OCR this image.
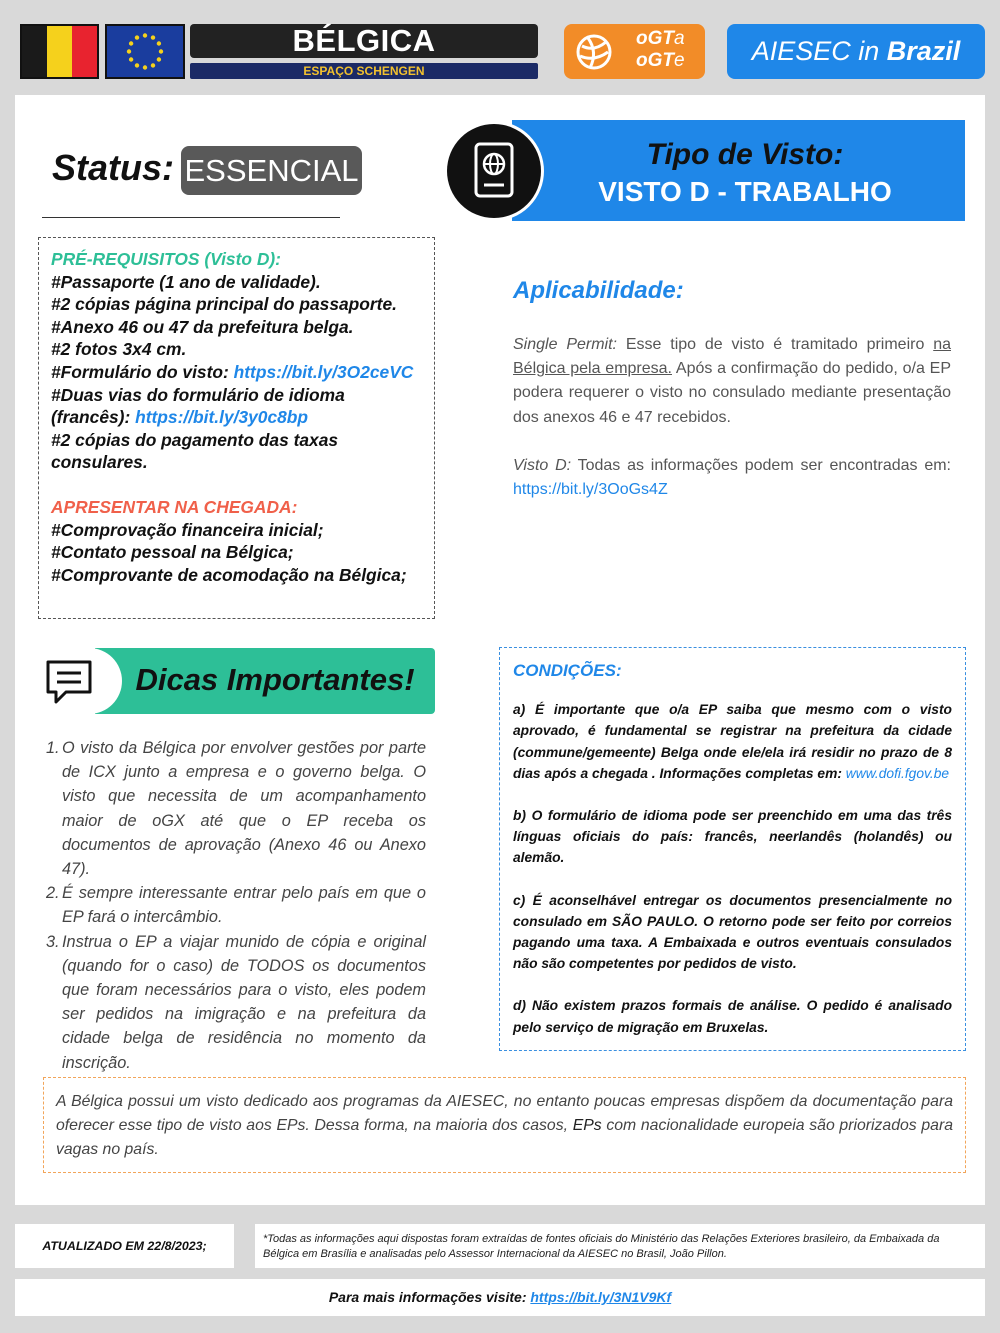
BÉLGICA
ESPAÇO SCHENGEN
oGTa
oGTe	AIESEC in Brazil
Status: ESSENCIAL	Tipo de Visto:
VISTO D - TRABALHO
PRÉ-REQUISITOS (Visto D):
#Passaporte (1 ano de validade).
#2 cópias página principal do passaporte.
#Anexo 46 ou 47 da prefeitura belga.
#2 fotos 3x4 cm.
#Formulário do visto: https://bit.ly/3O2ceVC
#Duas vias do formulário de idioma (francês): https://bit.ly/3y0c8bp
#2 cópias do pagamento das taxas consulares.
APRESENTAR NA CHEGADA:
#Comprovação financeira inicial;
#Contato pessoal na Bélgica;
#Comprovante de acomodação na Bélgica;
Aplicabilidade:

Single Permit: Esse tipo de visto é tramitado primeiro na Bélgica pela empresa. Após a confirmação do pedido, o/a EP podera requerer o visto no consulado mediante presentação dos anexos 46 e 47 recebidos.

Visto D: Todas as informações podem ser encontradas em: https://bit.ly/3OoGs4Z

Dicas Importantes!
1. O visto da Bélgica por envolver gestões por parte de ICX junto a empresa e o governo belga. O visto que necessita de um acompanhamento maior de oGX até que o EP receba os documentos de aprovação (Anexo 46 ou Anexo 47).
2. É sempre interessante entrar pelo país em que o EP fará o intercâmbio.
3. Instrua o EP a viajar munido de cópia e original (quando for o caso) de TODOS os documentos que foram necessários para o visto, eles podem ser pedidos na imigração e na prefeitura da cidade belga de residência no momento da inscrição.
CONDIÇÕES:

a) É importante que o/a EP saiba que mesmo com o visto aprovado, é fundamental se registrar na prefeitura da cidade (commune/gemeente) Belga onde ele/ela irá residir no prazo de 8 dias após a chegada . Informações completas em: www.dofi.fgov.be

b) O formulário de idioma pode ser preenchido em uma das três línguas oficiais do país: francês, neerlandês (holandês) ou alemão.

c) É aconselhável entregar os documentos presencialmente no consulado em SÃO PAULO. O retorno pode ser feito por correios pagando uma taxa. A Embaixada e outros eventuais consulados não são competentes por pedidos de visto.

d) Não existem prazos formais de análise. O pedido é analisado pelo serviço de migração em Bruxelas.

A Bélgica possui um visto dedicado aos programas da AIESEC, no entanto poucas empresas dispõem da documentação para oferecer esse tipo de visto aos EPs. Dessa forma, na maioria dos casos, EPs com nacionalidade europeia são priorizados para vagas no país.
ATUALIZADO EM 22/8/2023;	*Todas as informações aqui dispostas foram extraídas de fontes oficiais do Ministério das Relações Exteriores brasileiro, da Embaixada da Bélgica em Brasília e analisadas pelo Assessor Internacional da AIESEC no Brasil, João Pillon.
Para mais informações visite: https://bit.ly/3N1V9Kf
